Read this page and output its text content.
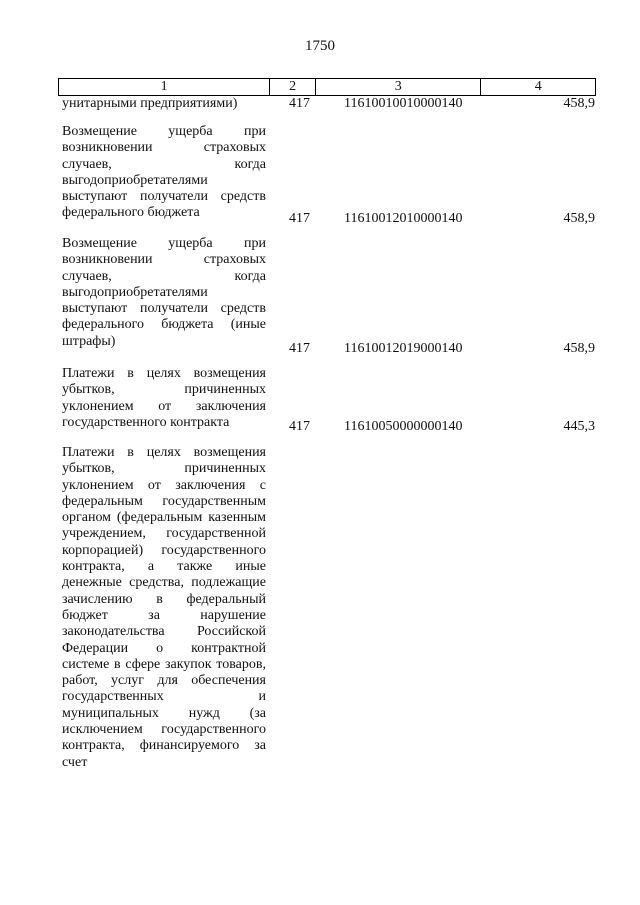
1750
1	2	3	4
унитарными предприятиями)	417 11610010010000140	458,9
Возмещение ущерба при возникновении страховых случаев, когда выгодоприобретателями выступают получатели средств федерального бюджета	417 11610012010000140	458,9
Возмещение ущерба при возникновении страховых случаев, когда выгодоприобретателями выступают получатели средств федерального бюджета (иные штрафы)	417 11610012019000140	458,9
Платежи в целях возмещения убытков, причиненных уклонением от заключения государственного контракта	417 11610050000000140	445,3
Платежи в целях возмещения убытков, причиненных уклонением от заключения с федеральным государственным органом (федеральным казенным учреждением, государственной корпорацией) государственного контракта, а также иные денежные средства, подлежащие зачислению в федеральный бюджет за нарушение законодательства Российской Федерации о контрактной системе в сфере закупок товаров, работ, услуг для обеспечения государственных и муниципальных нужд (за исключением государственного контракта, финансируемого за счет
